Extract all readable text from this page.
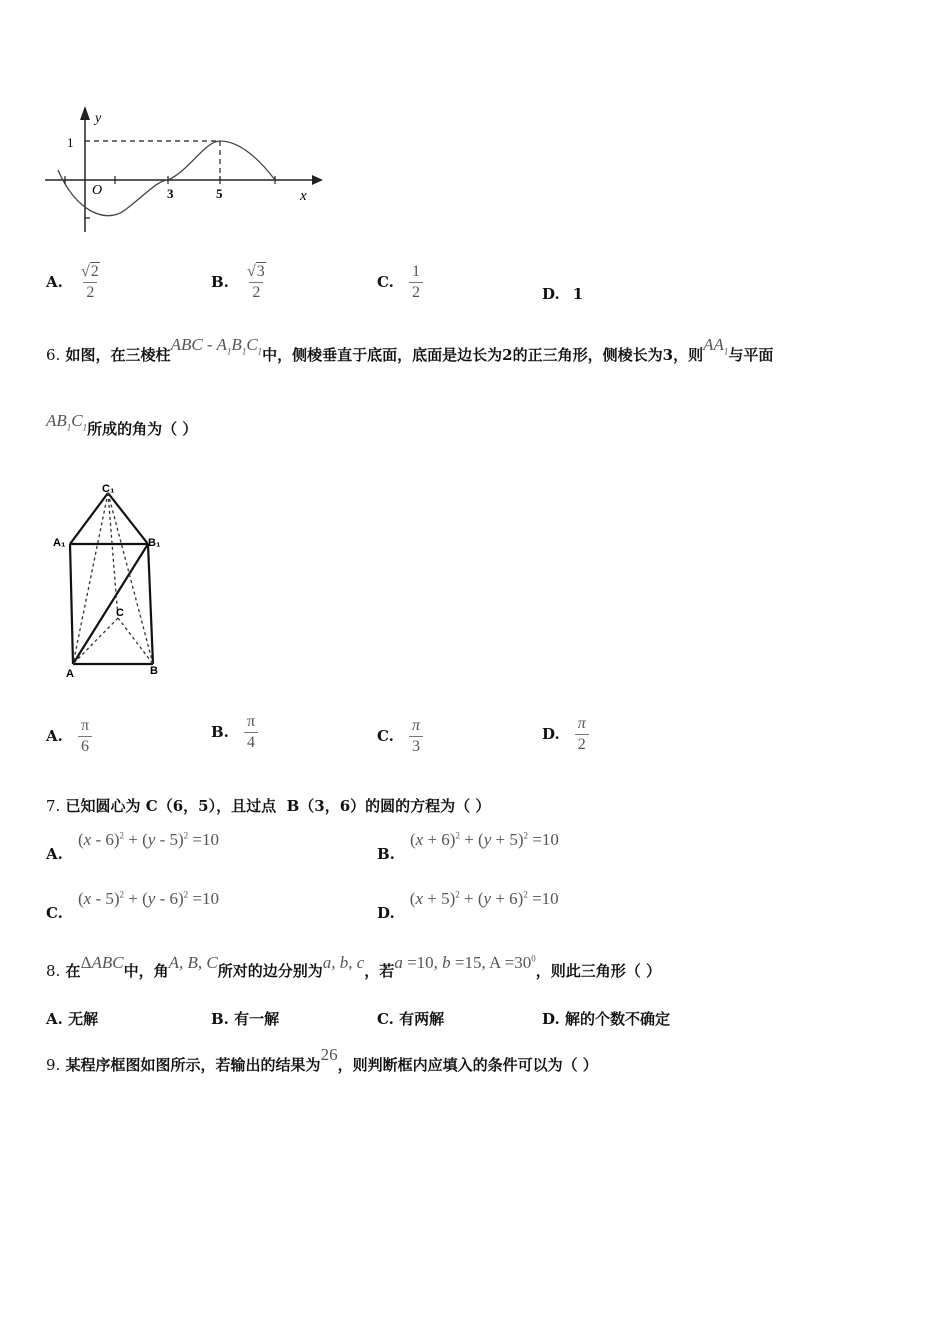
y
x
1
O	3	5
A. $\frac{√2}{2}$	B. $\frac{√3}{2}$	C. $\frac{1}{2}$	D. 1
6. 如图，在三棱柱ABC - $A_1B_1C_1$中，侧棱垂直于底面，底面是边长为2的正三角形，侧棱长为3，则$AA_1$与平面
$AB_1C_1$所成的角为（ ）
C₁
A₁	B₁
C
A	B
A. $\frac{\pi}{6}$	B. $\frac{\pi}{4}$	C. $\frac{\pi}{3}$	D. $\frac{\pi}{2}$
7. 已知圆心为 C（6，5），且过点 B（3，6）的圆的方程为（ ）
A. (x - 6)$^2$ + (y - 5)$^2$ =10
B. $(x + 6)^2 + (y + 5)^2 =10$
C. (x - 5)$^2$ + (y - 6)$^2$ =10
D. $(x + 5)^2 + (y + 6)^2 =10$
8. 在ΔABC中，角A, B, C所对的边分别为a, b, c，若a =10, b =15, $A =30^0$，则此三角形（ ）
A. 无解	B. 有一解	C. 有两解	D. 解的个数不确定
9. 某程序框图如图所示，若输出的结果为26，则判断框内应填入的条件可以为（ ）
